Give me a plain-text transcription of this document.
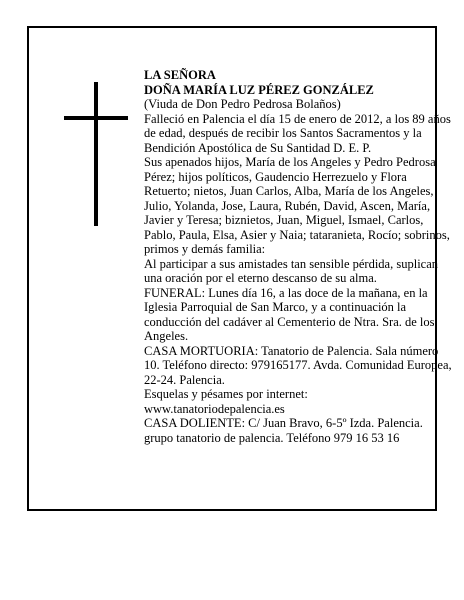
LA SEÑORA

DOÑA MARÍA LUZ PÉREZ GONZÁLEZ

(Viuda de Don Pedro Pedrosa Bolaños)

Falleció en Palencia el día 15 de enero de 2012, a los 89 años de edad, después de recibir los Santos Sacramentos y la Bendición Apostólica de Su Santidad D. E. P.

Sus apenados hijos, María de los Angeles y Pedro Pedrosa Pérez; hijos políticos, Gaudencio Herrezuelo y Flora Retuerto; nietos, Juan Carlos, Alba, María de los Angeles, Julio, Yolanda, Jose, Laura, Rubén, David, Ascen, María, Javier y Teresa; biznietos, Juan, Miguel, Ismael, Carlos, Pablo, Paula, Elsa, Asier y Naia; tataranieta, Rocío; sobrinos, primos y demás familia:

Al participar a sus amistades tan sensible pérdida, suplican una oración por el eterno descanso de su alma.

FUNERAL: Lunes día 16, a las doce de la mañana, en la Iglesia Parroquial de San Marco, y a continuación la conducción del cadáver al Cementerio de Ntra. Sra. de los Angeles.

CASA MORTUORIA: Tanatorio de Palencia. Sala número 10. Teléfono directo: 979165177. Avda. Comunidad Europea, 22-24. Palencia.

Esquelas y pésames por internet:

www.tanatoriodepalencia.es

CASA DOLIENTE: C/ Juan Bravo, 6-5º Izda. Palencia.

grupo tanatorio de palencia. Teléfono 979 16 53 16
